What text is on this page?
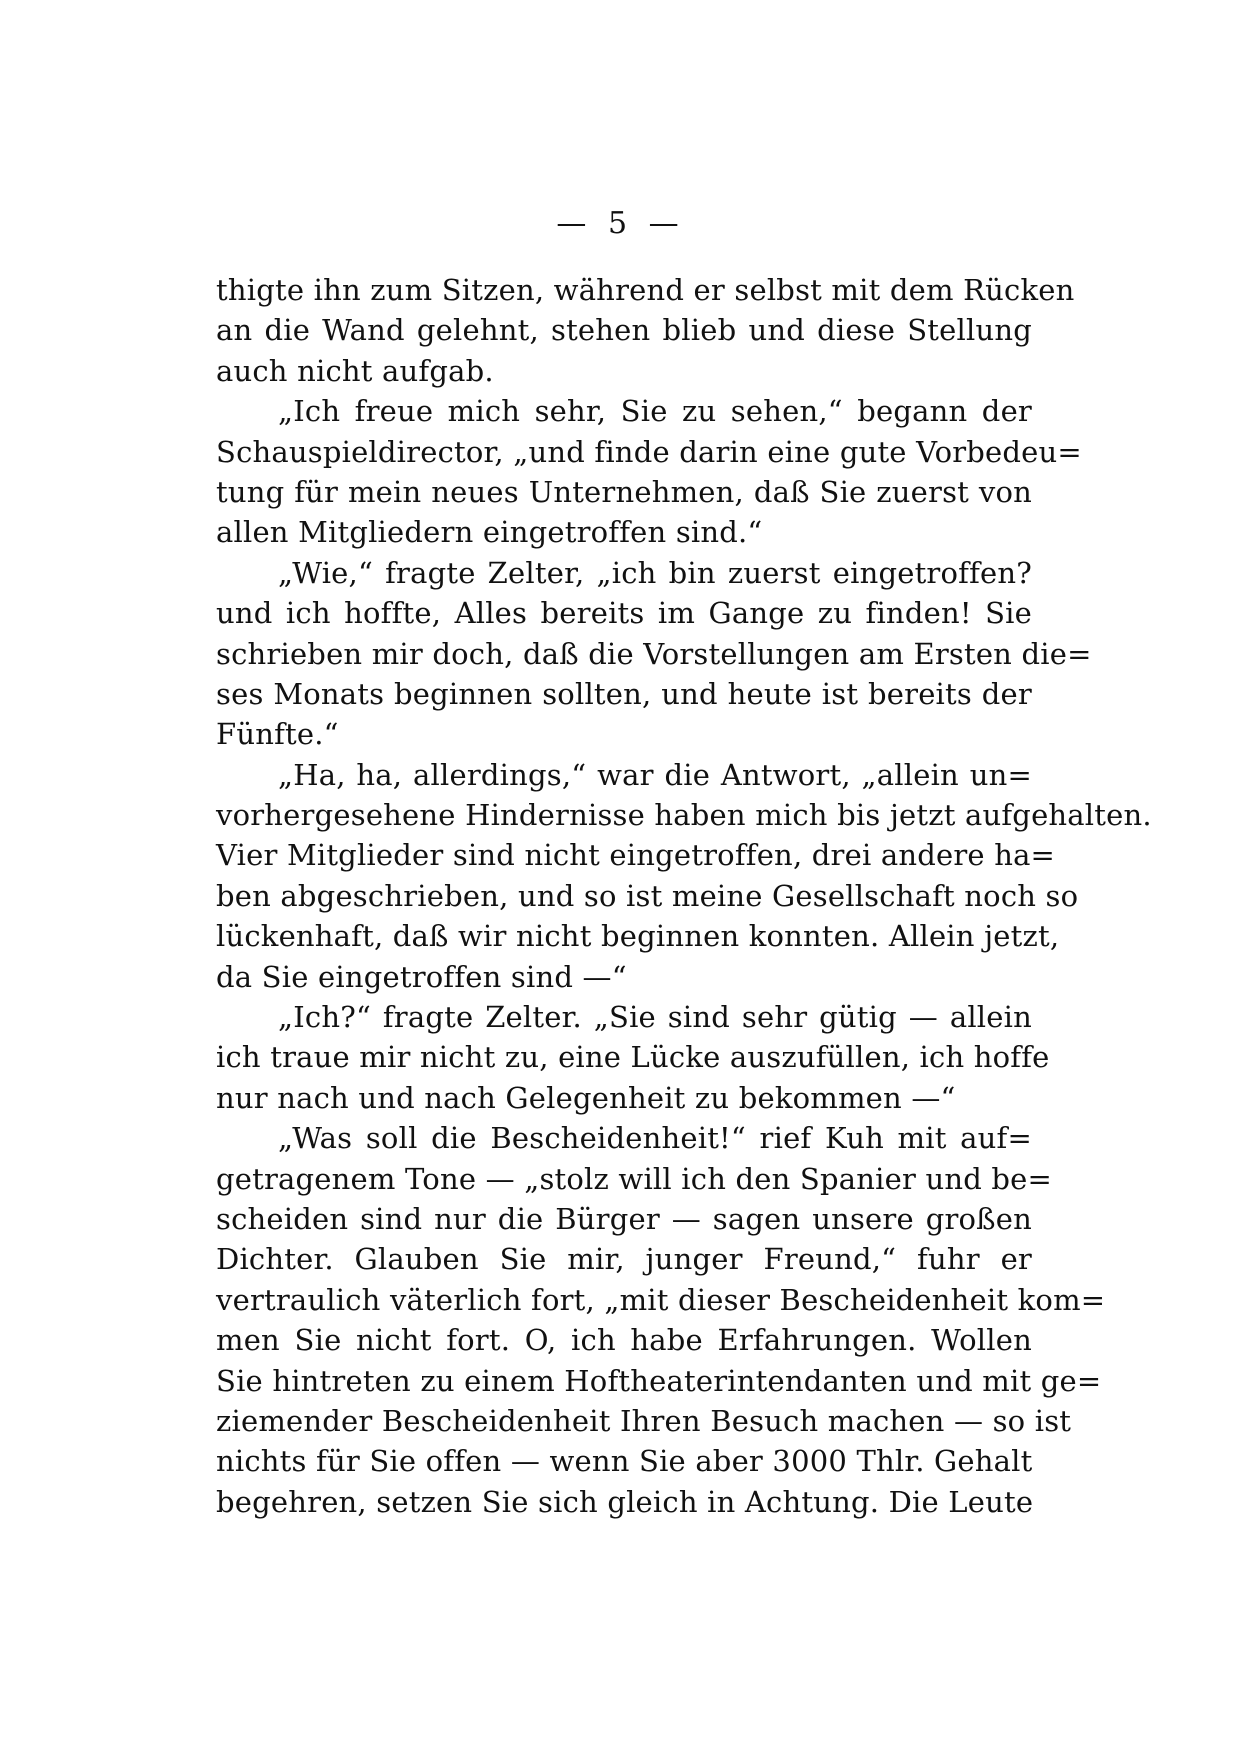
— 5 —
thigte ihn zum Sitzen, während er selbst mit dem Rücken
an die Wand gelehnt, stehen blieb und diese Stellung
auch nicht aufgab.
„Ich freue mich sehr, Sie zu sehen,“ begann der
Schauspieldirector, „und finde darin eine gute Vorbedeu=
tung für mein neues Unternehmen, daß Sie zuerst von
allen Mitgliedern eingetroffen sind.“
„Wie,“ fragte Zelter, „ich bin zuerst eingetroffen?
und ich hoffte, Alles bereits im Gange zu finden! Sie
schrieben mir doch, daß die Vorstellungen am Ersten die=
ses Monats beginnen sollten, und heute ist bereits der
Fünfte.“
„Ha, ha, allerdings,“ war die Antwort, „allein un=
vorhergesehene Hindernisse haben mich bis jetzt aufgehalten.
Vier Mitglieder sind nicht eingetroffen, drei andere ha=
ben abgeschrieben, und so ist meine Gesellschaft noch so
lückenhaft, daß wir nicht beginnen konnten. Allein jetzt,
da Sie eingetroffen sind —“
„Ich?“ fragte Zelter. „Sie sind sehr gütig — allein
ich traue mir nicht zu, eine Lücke auszufüllen, ich hoffe
nur nach und nach Gelegenheit zu bekommen —“
„Was soll die Bescheidenheit!“ rief Kuh mit auf=
getragenem Tone — „stolz will ich den Spanier und be=
scheiden sind nur die Bürger — sagen unsere großen
Dichter. Glauben Sie mir, junger Freund,“ fuhr er
vertraulich väterlich fort, „mit dieser Bescheidenheit kom=
men Sie nicht fort. O, ich habe Erfahrungen. Wollen
Sie hintreten zu einem Hoftheaterintendanten und mit ge=
ziemender Bescheidenheit Ihren Besuch machen — so ist
nichts für Sie offen — wenn Sie aber 3000 Thlr. Gehalt
begehren, setzen Sie sich gleich in Achtung. Die Leute
